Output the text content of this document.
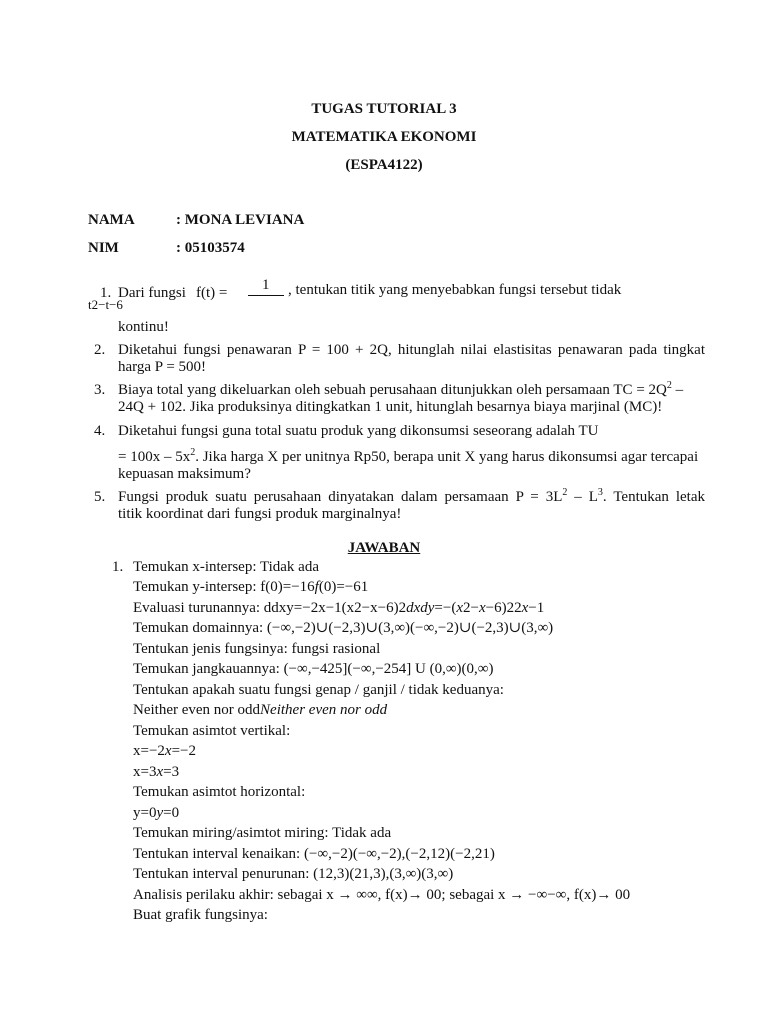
TUGAS TUTORIAL 3
MATEMATIKA EKONOMI
(ESPA4122)
NAMA	: MONA LEVIANA
NIM	: 05103574
1. Dari fungsi f(t) = 1 , tentukan titik yang menyebabkan fungsi tersebut tidak
t2−t−6
kontinu!
2. Diketahui fungsi penawaran P = 100 + 2Q, hitunglah nilai elastisitas penawaran pada tingkat
harga P = 500!
3. Biaya total yang dikeluarkan oleh sebuah perusahaan ditunjukkan oleh persamaan TC = $2Q^2$ –
24Q + 102. Jika produksinya ditingkatkan 1 unit, hitunglah besarnya biaya marjinal (MC)!
4. Diketahui fungsi guna total suatu produk yang dikonsumsi seseorang adalah TU
= $100x - 5x^2$. Jika harga X per unitnya Rp50, berapa unit X yang harus dikonsumsi agar tercapai
kepuasan maksimum?
5. Fungsi produk suatu perusahaan dinyatakan dalam persamaan $P = 3L^2 - L^3$. Tentukan letak
titik koordinat dari fungsi produk marginalnya!
JAWABAN
1. Temukan x-intersep: Tidak ada
Temukan y-intersep: f(0)=−16f(0)=−61
Evaluasi turunannya: ddxy=−2x−1(x2−x−6)2dxdy=−(x2−x−6)22x−1
Temukan domainnya: (−∞,−2)∪(−2,3)∪(3,∞)(−∞,−2)∪(−2,3)∪(3,∞)
Tentukan jenis fungsinya: fungsi rasional
Temukan jangkauannya: (−∞,−425](−∞,−254] U (0,∞)(0,∞)
Tentukan apakah suatu fungsi genap / ganjil / tidak keduanya:
Neither even nor oddNeither even nor odd
Temukan asimtot vertikal:
x=−2x=−2
x=3x=3
Temukan asimtot horizontal:
y=0y=0
Temukan miring/asimtot miring: Tidak ada
Tentukan interval kenaikan: (−∞,−2)(−∞,−2),(−2,12)(−2,21)
Tentukan interval penurunan: (12,3)(21,3),(3,∞)(3,∞)
Analisis perilaku akhir: sebagai x → ∞∞, f(x)→ 00; sebagai x → −∞−∞, f(x)→ 00
Buat grafik fungsinya:
